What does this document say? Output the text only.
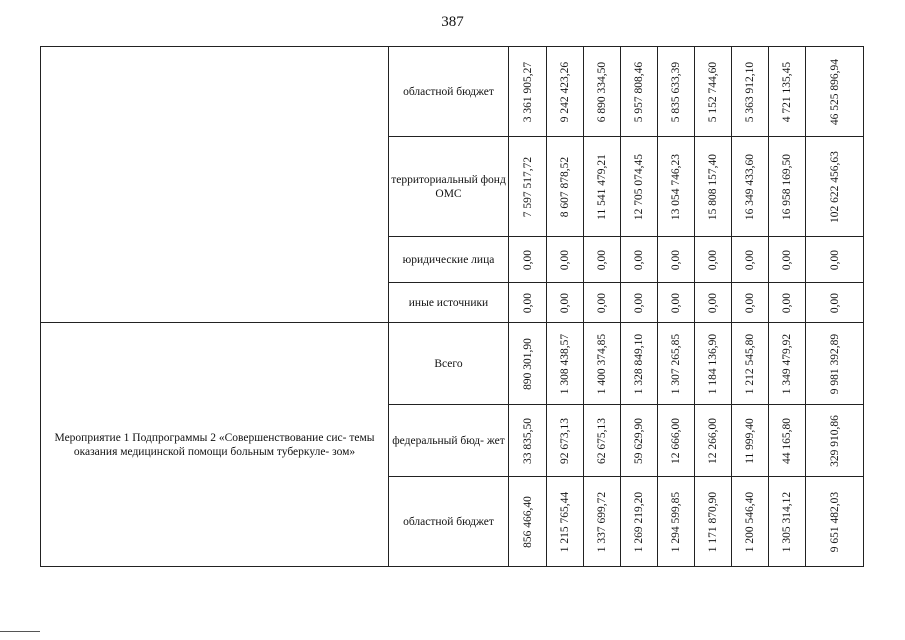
387
	областной бюджет	3 361 905,27	9 242 423,26	6 890 334,50	5 957 808,46	5 835 633,39	5 152 744,60	5 363 912,10	4 721 135,45	46 525 896,94

	территориальный фонд ОМС	7 597 517,72	8 607 878,52	11 541 479,21	12 705 074,45	13 054 746,23	15 808 157,40	16 349 433,60	16 958 169,50	102 622 456,63

	юридические лица	0,00	0,00	0,00	0,00	0,00	0,00	0,00	0,00	0,00

	иные источники	0,00	0,00	0,00	0,00	0,00	0,00	0,00	0,00	0,00

Мероприятие 1 Подпрограммы 2 «Совершенствование сис- темы оказания медицинской помощи больным туберкуле- зом»	Всего	890 301,90	1 308 438,57	1 400 374,85	1 328 849,10	1 307 265,85	1 184 136,90	1 212 545,80	1 349 479,92	9 981 392,89

	федеральный бюд- жет	33 835,50	92 673,13	62 675,13	59 629,90	12 666,00	12 266,00	11 999,40	44 165,80	329 910,86

	областной бюджет	856 466,40	1 215 765,44	1 337 699,72	1 269 219,20	1 294 599,85	1 171 870,90	1 200 546,40	1 305 314,12	9 651 482,03
